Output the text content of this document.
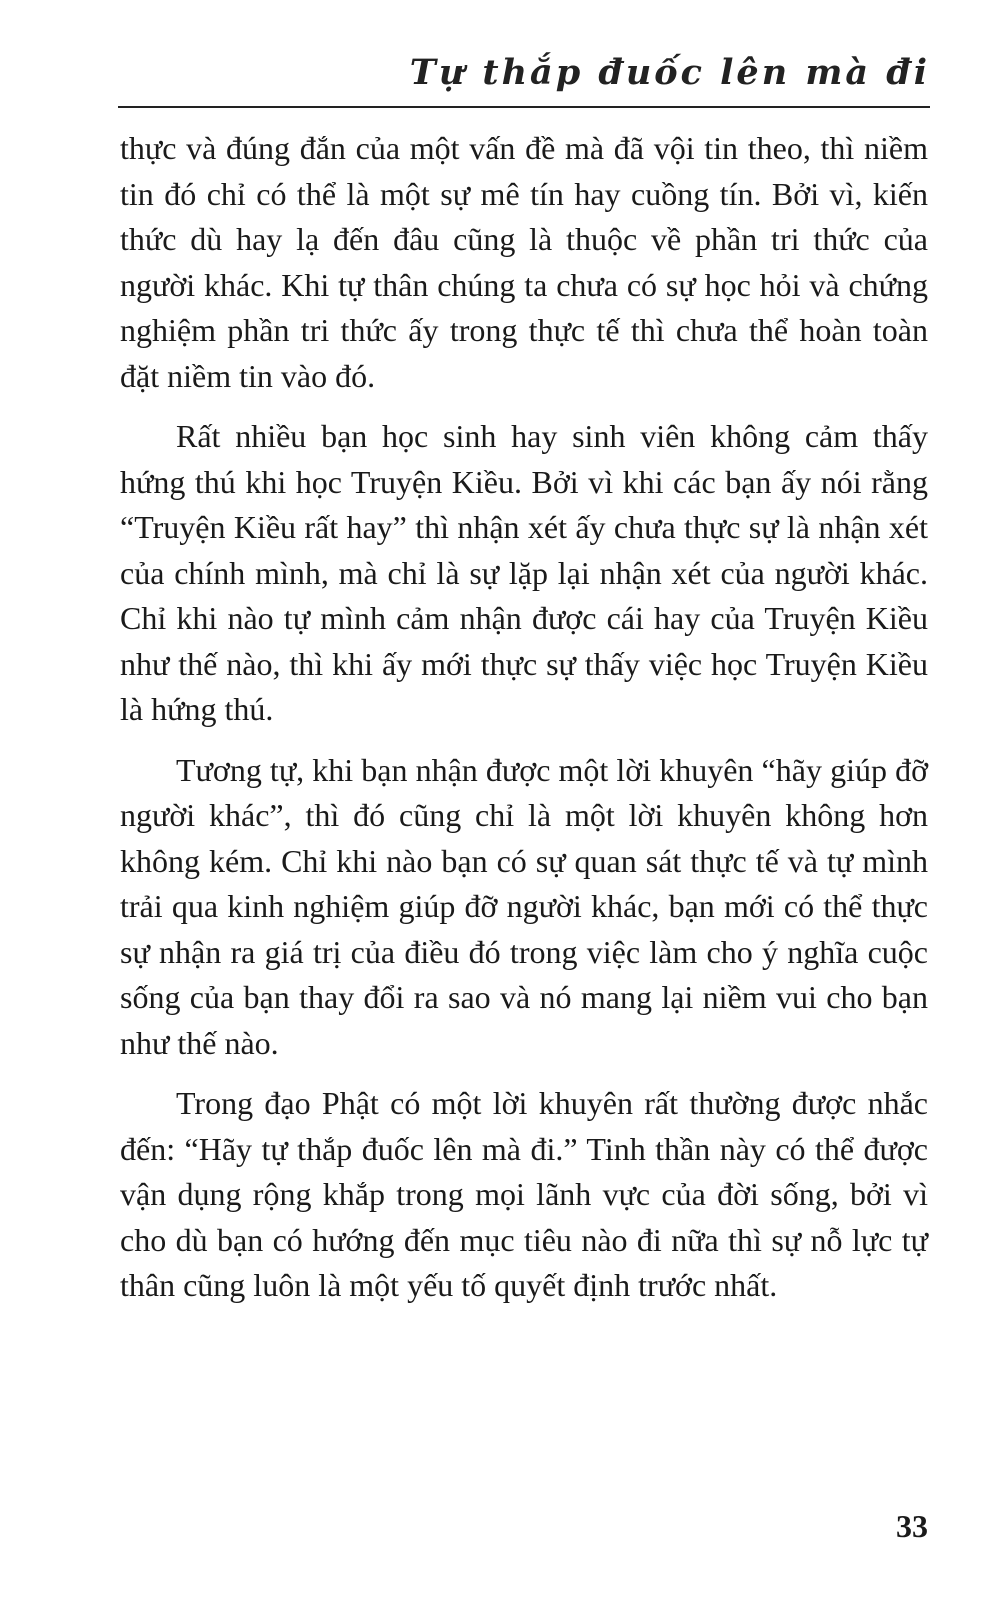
Tự thắp đuốc lên mà đi

thực và đúng đắn của một vấn đề mà đã vội tin theo, thì niềm tin đó chỉ có thể là một sự mê tín hay cuồng tín. Bởi vì, kiến thức dù hay lạ đến đâu cũng là thuộc về phần tri thức của người khác. Khi tự thân chúng ta chưa có sự học hỏi và chứng nghiệm phần tri thức ấy trong thực tế thì chưa thể hoàn toàn đặt niềm tin vào đó.

Rất nhiều bạn học sinh hay sinh viên không cảm thấy hứng thú khi học Truyện Kiều. Bởi vì khi các bạn ấy nói rằng “Truyện Kiều rất hay” thì nhận xét ấy chưa thực sự là nhận xét của chính mình, mà chỉ là sự lặp lại nhận xét của người khác. Chỉ khi nào tự mình cảm nhận được cái hay của Truyện Kiều như thế nào, thì khi ấy mới thực sự thấy việc học Truyện Kiều là hứng thú.

Tương tự, khi bạn nhận được một lời khuyên “hãy giúp đỡ người khác”, thì đó cũng chỉ là một lời khuyên không hơn không kém. Chỉ khi nào bạn có sự quan sát thực tế và tự mình trải qua kinh nghiệm giúp đỡ người khác, bạn mới có thể thực sự nhận ra giá trị của điều đó trong việc làm cho ý nghĩa cuộc sống của bạn thay đổi ra sao và nó mang lại niềm vui cho bạn như thế nào.

Trong đạo Phật có một lời khuyên rất thường được nhắc đến: “Hãy tự thắp đuốc lên mà đi.” Tinh thần này có thể được vận dụng rộng khắp trong mọi lãnh vực của đời sống, bởi vì cho dù bạn có hướng đến mục tiêu nào đi nữa thì sự nỗ lực tự thân cũng luôn là một yếu tố quyết định trước nhất.

33
